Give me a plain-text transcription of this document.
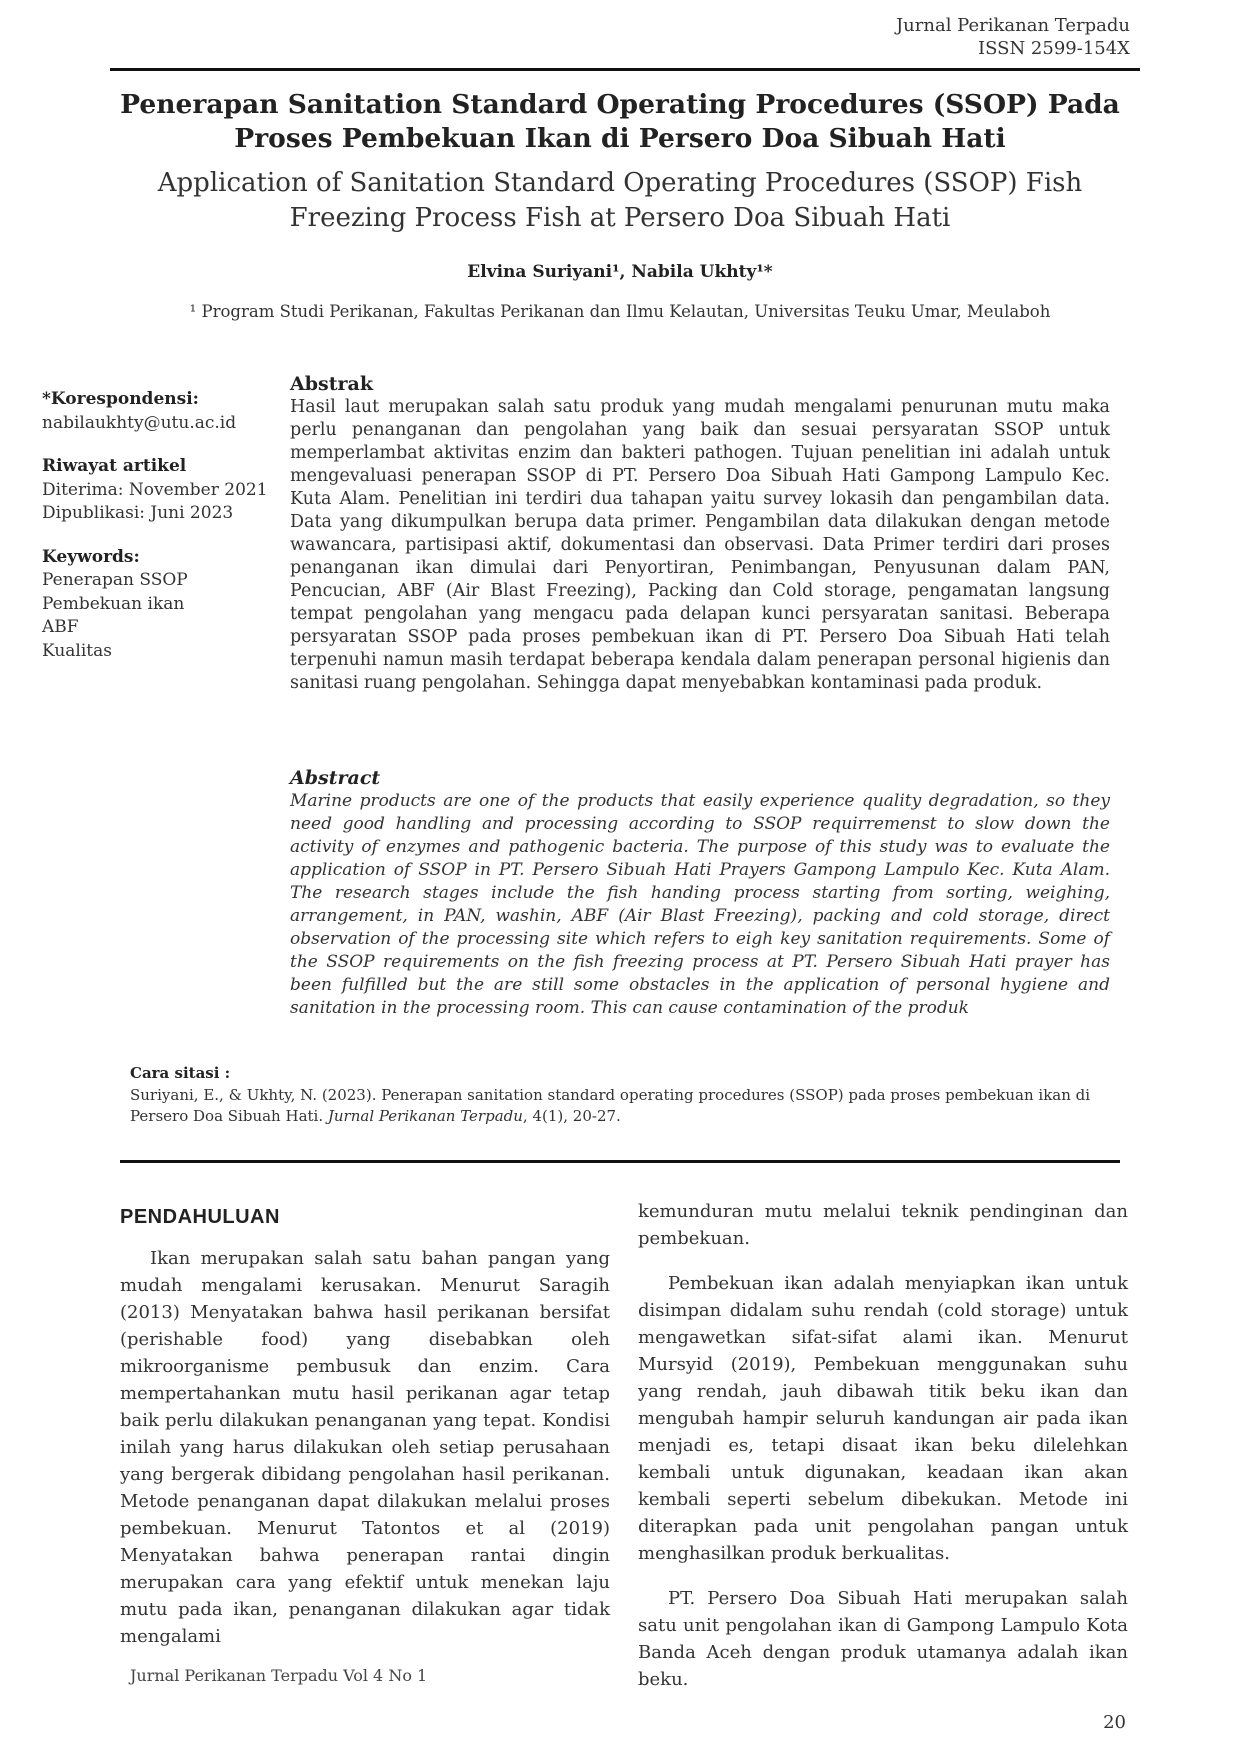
Jurnal Perikanan Terpadu
ISSN 2599-154X
Penerapan Sanitation Standard Operating Procedures (SSOP) Pada Proses Pembekuan Ikan di Persero Doa Sibuah Hati
Application of Sanitation Standard Operating Procedures (SSOP) Fish Freezing Process Fish at Persero Doa Sibuah Hati
Elvina Suriyani¹, Nabila Ukhty¹*
¹ Program Studi Perikanan, Fakultas Perikanan dan Ilmu Kelautan, Universitas Teuku Umar, Meulaboh
*Korespondensi:
nabilaukhty@utu.ac.id
Riwayat artikel
Diterima: November 2021
Dipublikasi: Juni 2023
Keywords:
Penerapan SSOP
Pembekuan ikan
ABF
Kualitas
Abstrak
Hasil laut merupakan salah satu produk yang mudah mengalami penurunan mutu maka perlu penanganan dan pengolahan yang baik dan sesuai persyaratan SSOP untuk memperlambat aktivitas enzim dan bakteri pathogen. Tujuan penelitian ini adalah untuk mengevaluasi penerapan SSOP di PT. Persero Doa Sibuah Hati Gampong Lampulo Kec. Kuta Alam. Penelitian ini terdiri dua tahapan yaitu survey lokasih dan pengambilan data. Data yang dikumpulkan berupa data primer. Pengambilan data dilakukan dengan metode wawancara, partisipasi aktif, dokumentasi dan observasi. Data Primer terdiri dari proses penanganan ikan dimulai dari Penyortiran, Penimbangan, Penyusunan dalam PAN, Pencucian, ABF (Air Blast Freezing), Packing dan Cold storage, pengamatan langsung tempat pengolahan yang mengacu pada delapan kunci persyaratan sanitasi. Beberapa persyaratan SSOP pada proses pembekuan ikan di PT. Persero Doa Sibuah Hati telah terpenuhi namun masih terdapat beberapa kendala dalam penerapan personal higienis dan sanitasi ruang pengolahan. Sehingga dapat menyebabkan kontaminasi pada produk.
Abstract
Marine products are one of the products that easily experience quality degradation, so they need good handling and processing according to SSOP requirremenst to slow down the activity of enzymes and pathogenic bacteria. The purpose of this study was to evaluate the application of SSOP in PT. Persero Sibuah Hati Prayers Gampong Lampulo Kec. Kuta Alam. The research stages include the fish handing process starting from sorting, weighing, arrangement, in PAN, washin, ABF (Air Blast Freezing), packing and cold storage, direct observation of the processing site which refers to eigh key sanitation requirements. Some of the SSOP requirements on the fish freezing process at PT. Persero Sibuah Hati prayer has been fulfilled but the are still some obstacles in the application of personal hygiene and sanitation in the processing room. This can cause contamination of the produk
Cara sitasi :
Suriyani, E., & Ukhty, N. (2023). Penerapan sanitation standard operating procedures (SSOP) pada proses pembekuan ikan di Persero Doa Sibuah Hati. Jurnal Perikanan Terpadu, 4(1), 20-27.
PENDAHULUAN

Ikan merupakan salah satu bahan pangan yang mudah mengalami kerusakan. Menurut Saragih (2013) Menyatakan bahwa hasil perikanan bersifat (perishable food) yang disebabkan oleh mikroorganisme pembusuk dan enzim. Cara mempertahankan mutu hasil perikanan agar tetap baik perlu dilakukan penanganan yang tepat. Kondisi inilah yang harus dilakukan oleh setiap perusahaan yang bergerak dibidang pengolahan hasil perikanan. Metode penanganan dapat dilakukan melalui proses pembekuan. Menurut Tatontos et al (2019) Menyatakan bahwa penerapan rantai dingin merupakan cara yang efektif untuk menekan laju mutu pada ikan, penanganan dilakukan agar tidak mengalami

kemunduran mutu melalui teknik pendinginan dan pembekuan.

Pembekuan ikan adalah menyiapkan ikan untuk disimpan didalam suhu rendah (cold storage) untuk mengawetkan sifat-sifat alami ikan. Menurut Mursyid (2019), Pembekuan menggunakan suhu yang rendah, jauh dibawah titik beku ikan dan mengubah hampir seluruh kandungan air pada ikan menjadi es, tetapi disaat ikan beku dilelehkan kembali untuk digunakan, keadaan ikan akan kembali seperti sebelum dibekukan. Metode ini diterapkan pada unit pengolahan pangan untuk menghasilkan produk berkualitas.

PT. Persero Doa Sibuah Hati merupakan salah satu unit pengolahan ikan di Gampong Lampulo Kota Banda Aceh dengan produk utamanya adalah ikan beku.

Jurnal Perikanan Terpadu Vol 4 No 1
20
